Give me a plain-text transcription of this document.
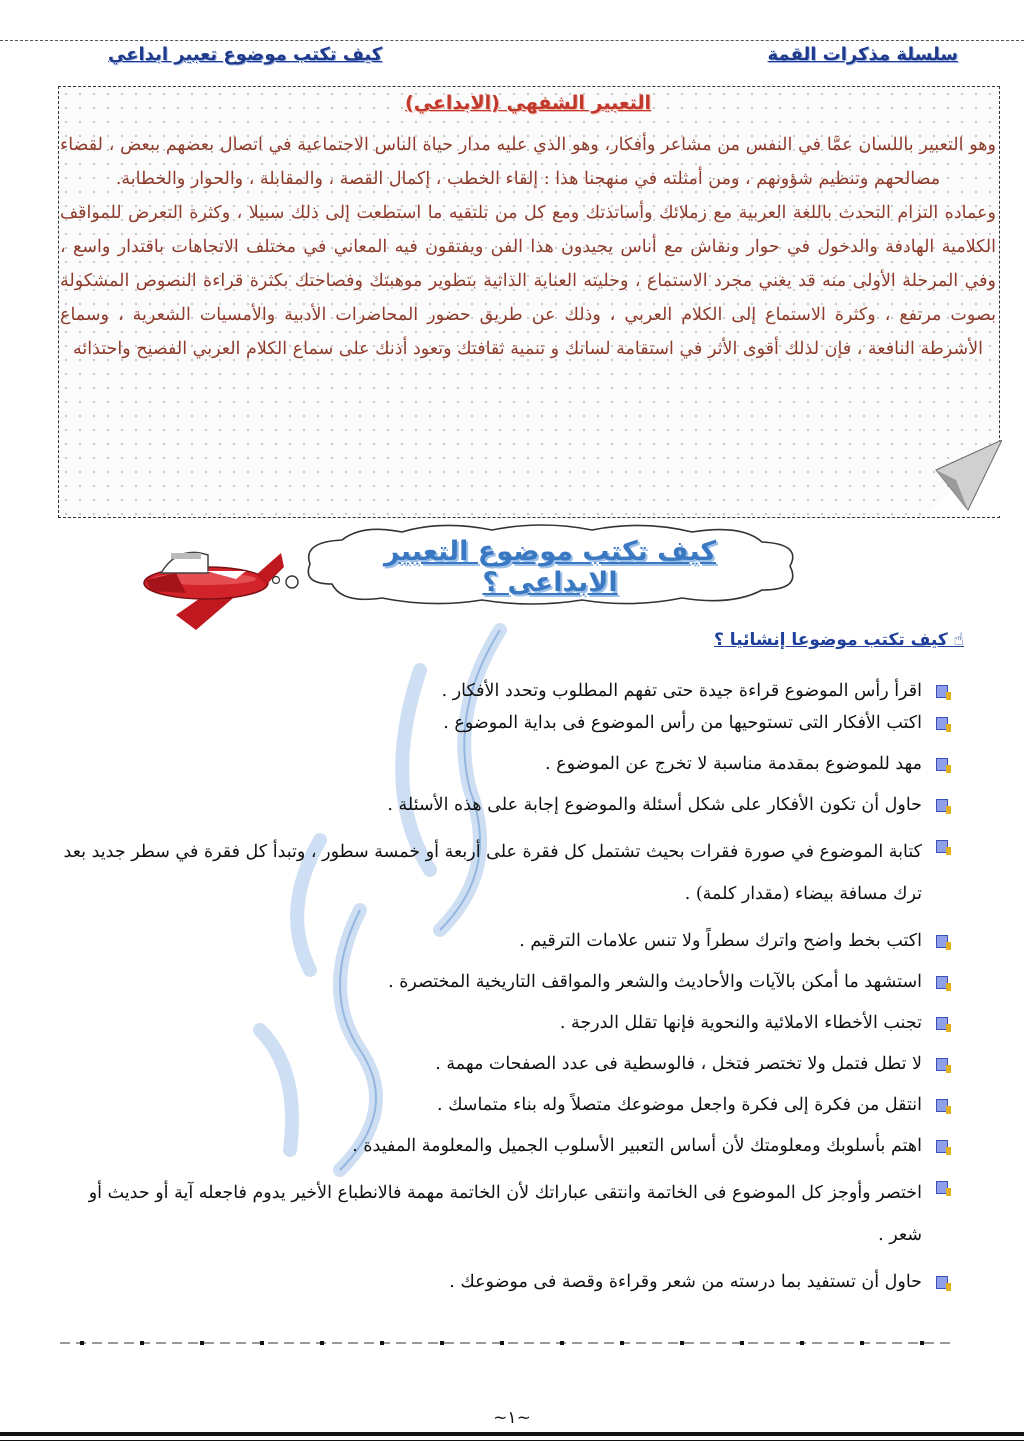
سلسلة مذكرات القمة
كيف تكتب موضوع تعبير ابداعي
التعبير الشفهي (الابداعي)

وهو التعبير باللسان عمَّا في النفس من مشاعر وأفكار، وهو الذي عليه مدار حياة الناس الاجتماعية في اتصال بعضهم ببعض ، لقضاء مصالحهم وتنظيم شؤونهم ، ومن أمثلته في منهجنا هذا : إلقاء الخطب ، إكمال القصة ، والمقابلة ، والحوار والخطابة.

وعماده التزام التحدث باللغة العربية مع زملائك وأساتذتك ومع كل من تلتقيه ما استطعت إلى ذلك سبيلا ، وكثرة التعرض للمواقف الكلامية الهادفة والدخول في حوار ونقاش مع أناس يجيدون هذا الفن ويفتقون فيه المعاني في مختلف الاتجاهات باقتدار واسع ، وفي المرحلة الأولى منه قد يغني مجرد الاستماع ، وحليته العناية الذاتية بتطوير موهبتك وفصاحتك بكثرة قراءة النصوص المشكولة بصوت مرتفع ، وكثرة الاستماع إلى الكلام العربي ، وذلك عن طريق حضور المحاضرات الأدبية والأمسيات الشعرية ، وسماع الأشرطة النافعة ، فإن لذلك أقوى الأثر في استقامة لسانك و تنمية ثقافتك وتعود أذنك على سماع الكلام العربي الفصيح واحتذائه

كيف تكتب موضوع التعبير الابداعى ؟
☝ كيف تكتب موضوعا إنشائيا ؟
اقرأ رأس الموضوع قراءة جيدة حتى تفهم المطلوب وتحدد الأفكار .
اكتب الأفكار التى تستوحيها من رأس الموضوع فى بداية الموضوع .
مهد للموضوع بمقدمة مناسبة لا تخرج عن الموضوع .
حاول أن تكون الأفكار على شكل أسئلة والموضوع إجابة على هذه الأسئلة .
كتابة الموضوع في صورة فقرات بحيث تشتمل كل فقرة على أربعة أو خمسة سطور ، وتبدأ كل فقرة في سطر جديد بعد ترك مسافة بيضاء (مقدار كلمة) .
اكتب بخط واضح واترك سطراً ولا تنس علامات الترقيم .
استشهد ما أمكن بالآيات والأحاديث والشعر والمواقف التاريخية المختصرة .
تجنب الأخطاء الاملائية والنحوية فإنها تقلل الدرجة .
لا تطل فتمل ولا تختصر فتخل ، فالوسطية فى عدد الصفحات مهمة .
انتقل من فكرة إلى فكرة واجعل موضوعك متصلاً وله بناء متماسك .
اهتم بأسلوبك ومعلومتك لأن أساس التعبير الأسلوب الجميل والمعلومة المفيدة .
اختصر وأوجز كل الموضوع فى الخاتمة وانتقى عباراتك لأن الخاتمة مهمة فالانطباع الأخير يدوم فاجعله آية أو حديث أو شعر .
حاول أن تستفيد بما درسته من شعر وقراءة وقصة فى موضوعك .
~١~
